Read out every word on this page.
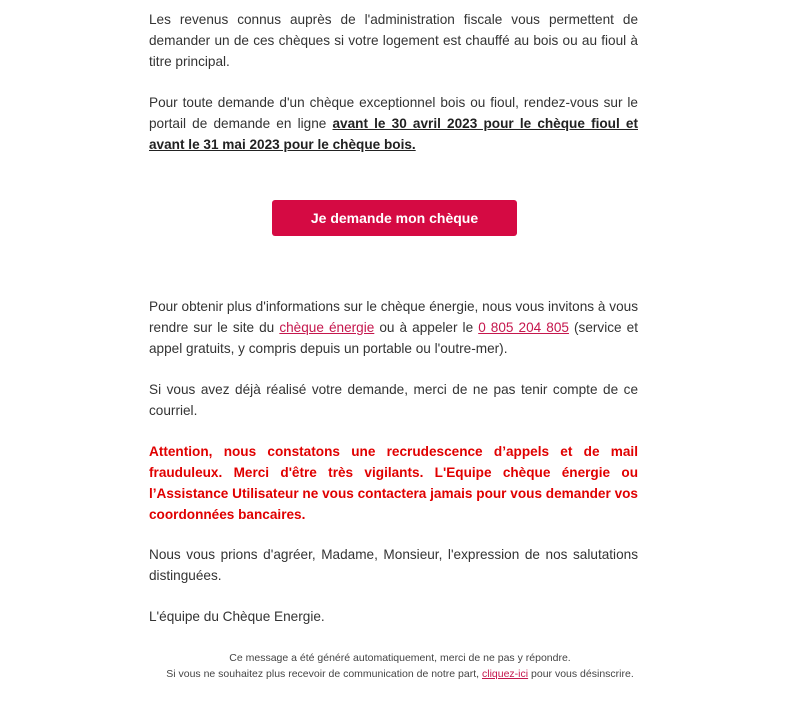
Les revenus connus auprès de l'administration fiscale vous permettent de demander un de ces chèques si votre logement est chauffé au bois ou au fioul à titre principal.

Pour toute demande d'un chèque exceptionnel bois ou fioul, rendez-vous sur le portail de demande en ligne avant le 30 avril 2023 pour le chèque fioul et avant le 31 mai 2023 pour le chèque bois.

Je demande mon chèque

Pour obtenir plus d'informations sur le chèque énergie, nous vous invitons à vous rendre sur le site du chèque énergie ou à appeler le 0 805 204 805 (service et appel gratuits, y compris depuis un portable ou l'outre-mer).

Si vous avez déjà réalisé votre demande, merci de ne pas tenir compte de ce courriel.

Attention, nous constatons une recrudescence d’appels et de mail frauduleux. Merci d'être très vigilants. L'Equipe chèque énergie ou l’Assistance Utilisateur ne vous contactera jamais pour vous demander vos coordonnées bancaires.

Nous vous prions d'agréer, Madame, Monsieur, l'expression de nos salutations distinguées.

L'équipe du Chèque Energie.

Ce message a été généré automatiquement, merci de ne pas y répondre.

Si vous ne souhaitez plus recevoir de communication de notre part, cliquez-ici pour vous désinscrire.
